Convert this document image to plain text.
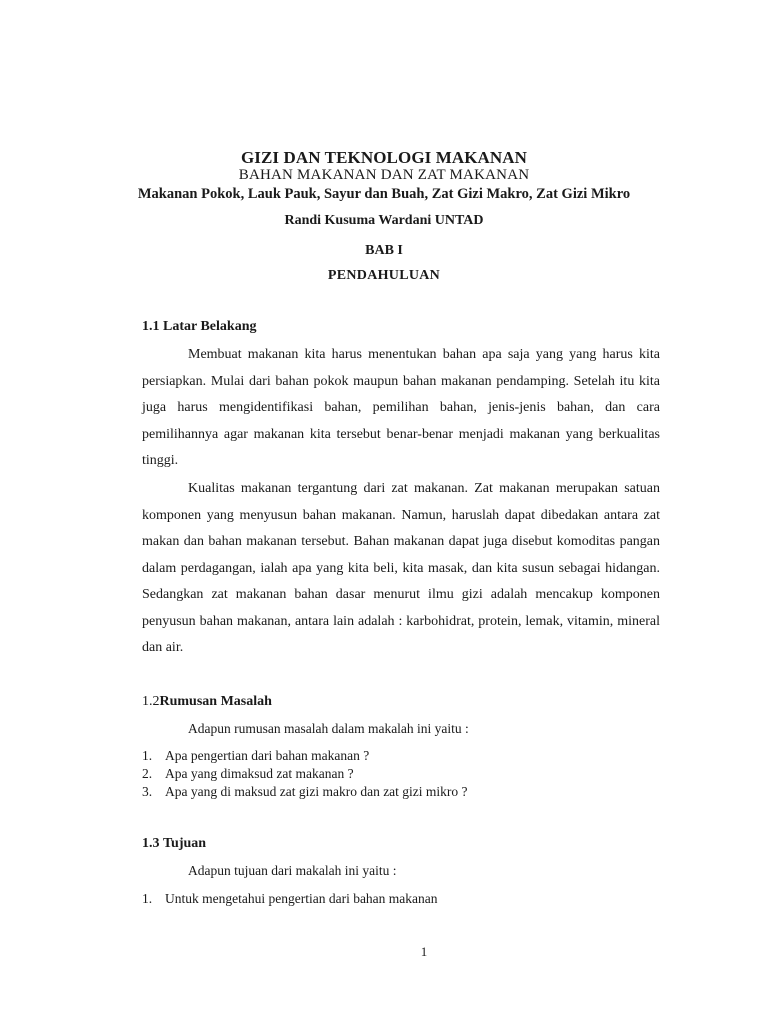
GIZI DAN TEKNOLOGI MAKANAN
BAHAN MAKANAN DAN ZAT MAKANAN
Makanan Pokok, Lauk Pauk, Sayur dan Buah, Zat Gizi Makro, Zat Gizi Mikro
Randi Kusuma Wardani UNTAD
BAB I
PENDAHULUAN
1.1 Latar Belakang

Membuat makanan kita harus menentukan bahan apa saja yang yang harus kita persiapkan. Mulai dari bahan pokok maupun bahan makanan pendamping. Setelah itu kita juga harus mengidentifikasi bahan, pemilihan bahan, jenis-jenis bahan, dan cara pemilihannya agar makanan kita tersebut benar-benar menjadi makanan yang berkualitas tinggi.

Kualitas makanan tergantung dari zat makanan. Zat makanan merupakan satuan komponen yang menyusun bahan makanan. Namun, haruslah dapat dibedakan antara zat makan dan bahan makanan tersebut. Bahan makanan dapat juga disebut komoditas pangan dalam perdagangan, ialah apa yang kita beli, kita masak, dan kita susun sebagai hidangan. Sedangkan zat makanan bahan dasar menurut ilmu gizi adalah mencakup komponen penyusun bahan makanan, antara lain adalah : karbohidrat, protein, lemak, vitamin, mineral dan air.

1.2Rumusan Masalah
Adapun rumusan masalah dalam makalah ini yaitu :
1. Apa pengertian dari bahan makanan ?
2. Apa yang dimaksud zat makanan ?
3. Apa yang di maksud zat gizi makro dan zat gizi mikro ?
1.3 Tujuan
Adapun tujuan dari makalah ini yaitu :
1. Untuk mengetahui pengertian dari bahan makanan
1
